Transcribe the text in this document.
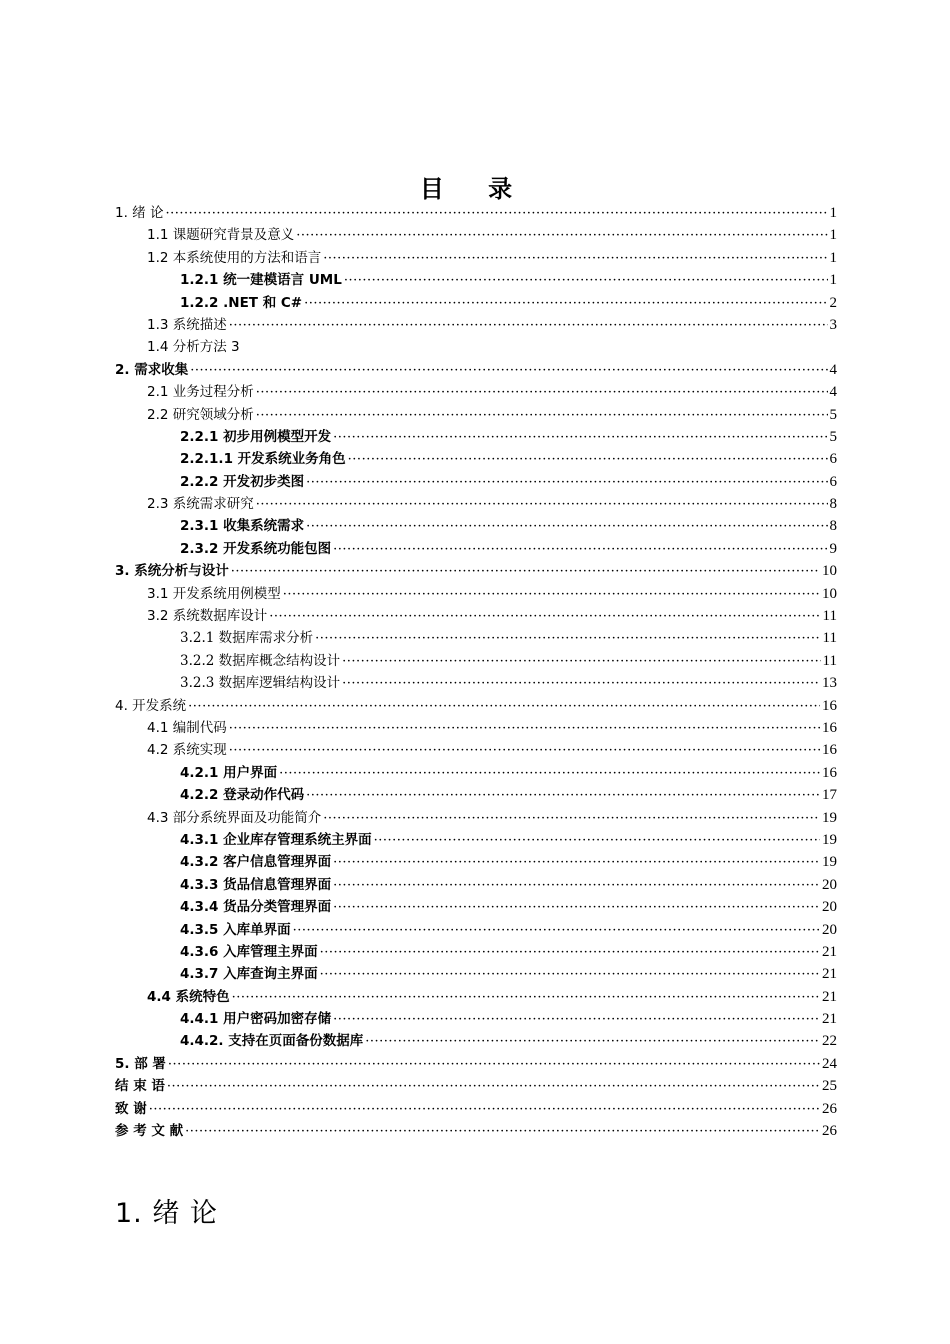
目 录
1. 绪 论 ·····	1
1.1 课题研究背景及意义 ·····	1
1.2 本系统使用的方法和语言 ·····	1
1.2.1 统一建模语言 UML ·····	1
1.2.2 .NET 和 C# ·····	2
1.3 系统描述 ·····	3
1.4 分析方法 3
2. 需求收集 ·····	4
2.1 业务过程分析 ·····	4
2.2 研究领域分析 ·····	5
2.2.1 初步用例模型开发 ·····	5
2.2.1.1 开发系统业务角色 ·····	6
2.2.2 开发初步类图 ·····	6
2.3 系统需求研究 ·····	8
2.3.1 收集系统需求 ·····	8
2.3.2 开发系统功能包图 ·····	9
3. 系统分析与设计 ·····	10
3.1 开发系统用例模型 ·····	10
3.2 系统数据库设计 ·····	11
3.2.1 数据库需求分析 ·····	11
3.2.2 数据库概念结构设计 ·····	11
3.2.3 数据库逻辑结构设计 ·····	13
4. 开发系统 ·····	16
4.1 编制代码 ·····	16
4.2 系统实现 ·····	16
4.2.1 用户界面 ·····	16
4.2.2 登录动作代码 ·····	17
4.3 部分系统界面及功能简介 ·····	19
4.3.1 企业库存管理系统主界面 ·····	19
4.3.2 客户信息管理界面 ·····	19
4.3.3 货品信息管理界面 ·····	20
4.3.4 货品分类管理界面 ·····	20
4.3.5 入库单界面 ·····	20
4.3.6 入库管理主界面 ·····	21
4.3.7 入库查询主界面 ·····	21
4.4 系统特色 ·····	21
4.4.1 用户密码加密存储 ·····	21
4.4.2. 支持在页面备份数据库 ·····	22
5. 部 署 ·····	24
结 束 语 ·····	25
致 谢 ·····	26
参 考 文 献 ·····	26
1. 绪 论
